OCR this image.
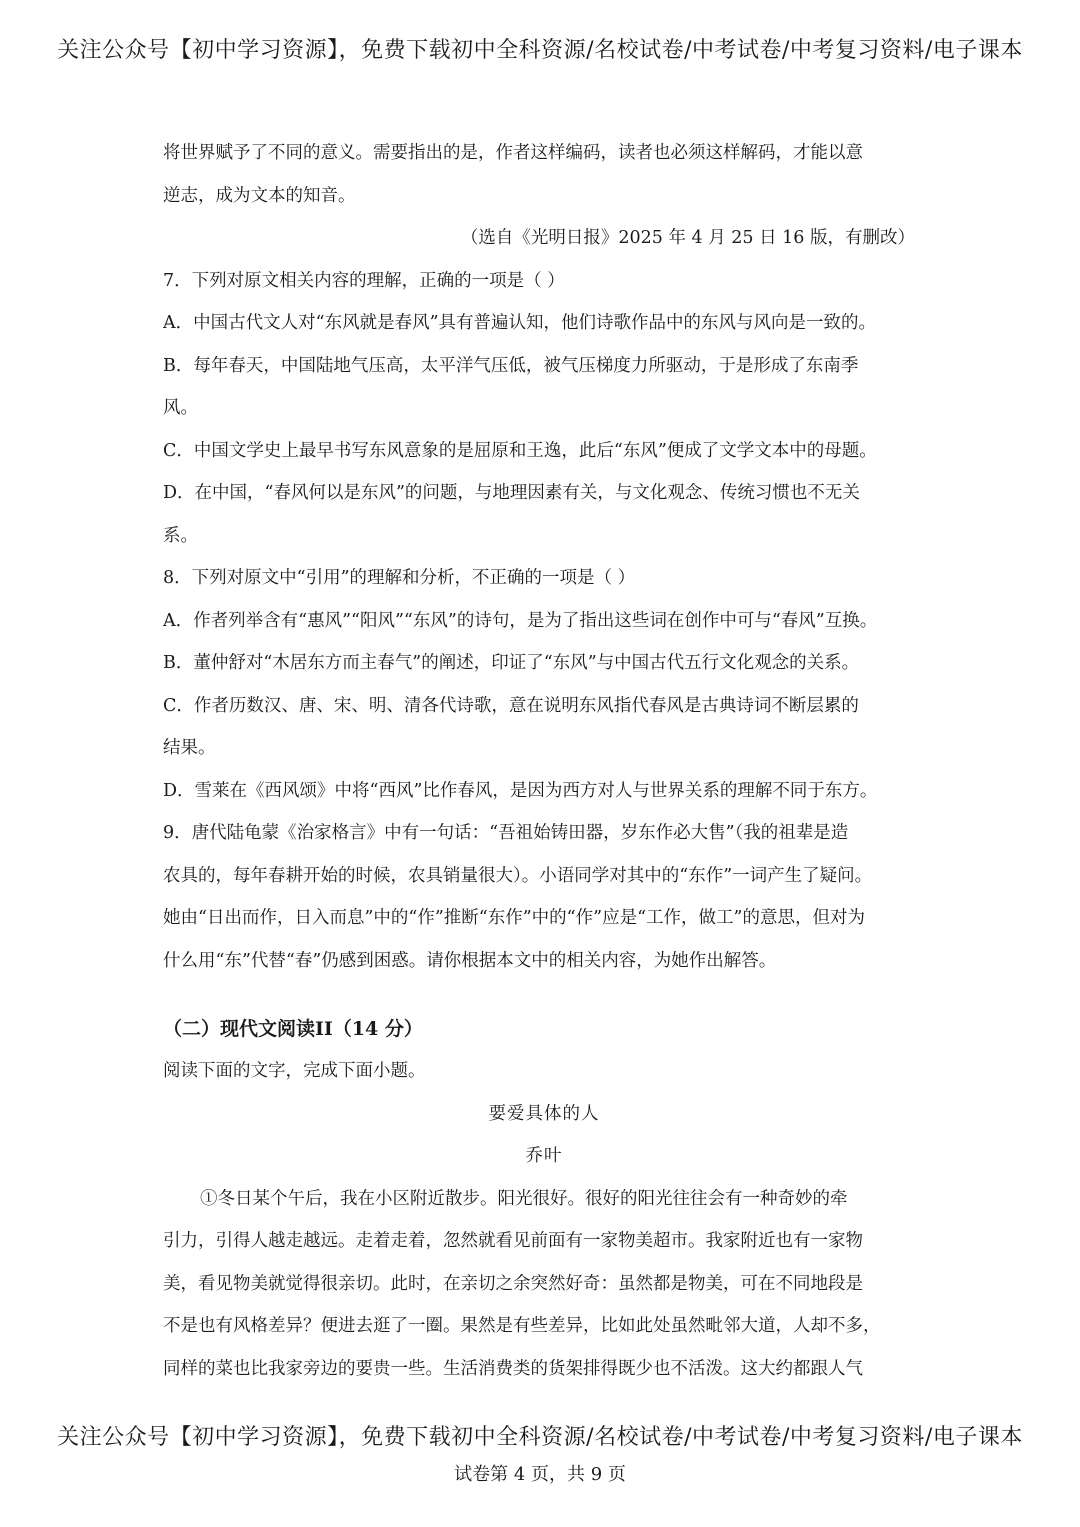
关注公众号【初中学习资源】，免费下载初中全科资源/名校试卷/中考试卷/中考复习资料/电子课本
将世界赋予了不同的意义。需要指出的是，作者这样编码，读者也必须这样解码，才能以意
逆志，成为文本的知音。
（选自《光明日报》2025 年 4 月 25 日 16 版，有删改）
7．下列对原文相关内容的理解，正确的一项是（ ）
A．中国古代文人对“东风就是春风”具有普遍认知，他们诗歌作品中的东风与风向是一致的。
B．每年春天，中国陆地气压高，太平洋气压低，被气压梯度力所驱动，于是形成了东南季
风。
C．中国文学史上最早书写东风意象的是屈原和王逸，此后“东风”便成了文学文本中的母题。
D．在中国，“春风何以是东风”的问题，与地理因素有关，与文化观念、传统习惯也不无关
系。
8．下列对原文中“引用”的理解和分析，不正确的一项是（ ）
A．作者列举含有“惠风”“阳风”“东风”的诗句，是为了指出这些词在创作中可与“春风”互换。
B．董仲舒对“木居东方而主春气”的阐述，印证了“东风”与中国古代五行文化观念的关系。
C．作者历数汉、唐、宋、明、清各代诗歌，意在说明东风指代春风是古典诗词不断层累的
结果。
D．雪莱在《西风颂》中将“西风”比作春风，是因为西方对人与世界关系的理解不同于东方。
9．唐代陆龟蒙《治家格言》中有一句话：“吾祖始铸田器，岁东作必大售”（我的祖辈是造
农具的，每年春耕开始的时候，农具销量很大）。小语同学对其中的“东作”一词产生了疑问。
她由“日出而作，日入而息”中的“作”推断“东作”中的“作”应是“工作，做工”的意思，但对为
什么用“东”代替“春”仍感到困惑。请你根据本文中的相关内容，为她作出解答。
（二）现代文阅读II（14 分）
阅读下面的文字，完成下面小题。
要爱具体的人
乔叶
①冬日某个午后，我在小区附近散步。阳光很好。很好的阳光往往会有一种奇妙的牵
引力，引得人越走越远。走着走着，忽然就看见前面有一家物美超市。我家附近也有一家物
美，看见物美就觉得很亲切。此时，在亲切之余突然好奇：虽然都是物美，可在不同地段是
不是也有风格差异？便进去逛了一圈。果然是有些差异，比如此处虽然毗邻大道，人却不多，
同样的菜也比我家旁边的要贵一些。生活消费类的货架排得既少也不活泼。这大约都跟人气
关注公众号【初中学习资源】，免费下载初中全科资源/名校试卷/中考试卷/中考复习资料/电子课本
试卷第 4 页，共 9 页
